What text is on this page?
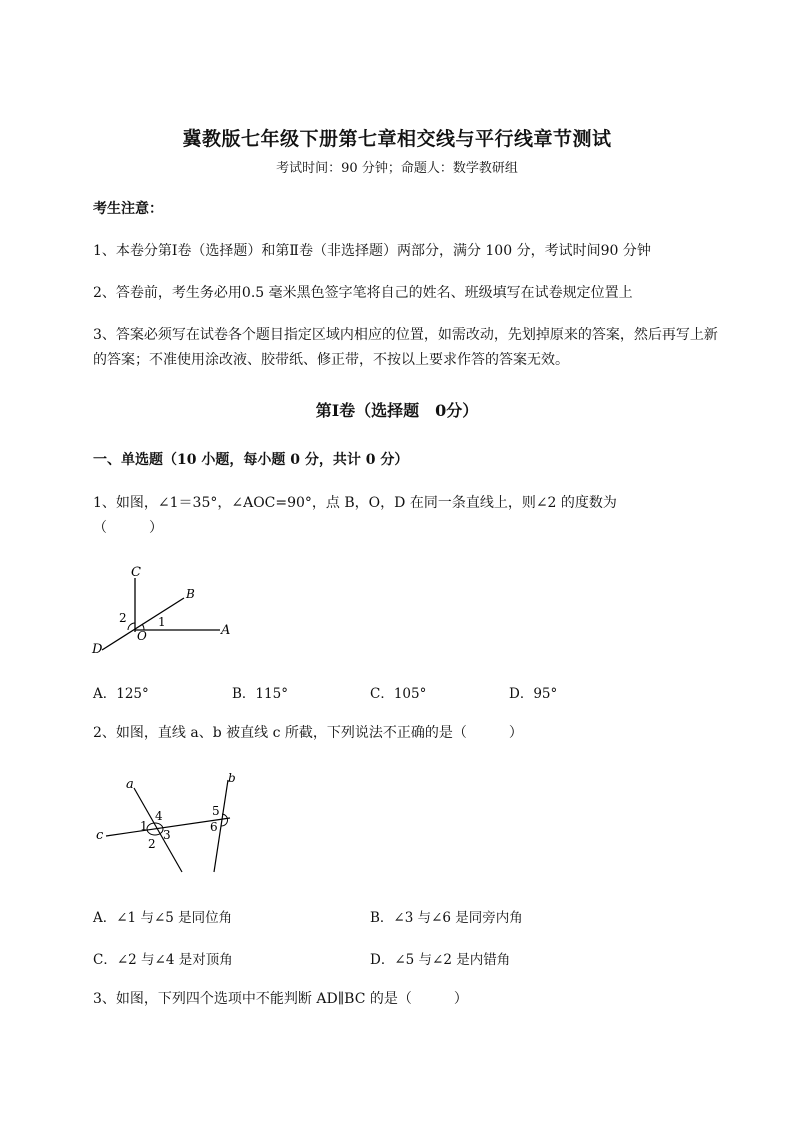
冀教版七年级下册第七章相交线与平行线章节测试
考试时间：90 分钟；命题人：数学教研组
考生注意：
1、本卷分第Ⅰ卷（选择题）和第Ⅱ卷（非选择题）两部分，满分 100 分，考试时间90 分钟
2、答卷前，考生务必用0.5 毫米黑色签字笔将自己的姓名、班级填写在试卷规定位置上
3、答案必须写在试卷各个题目指定区域内相应的位置，如需改动，先划掉原来的答案，然后再写上新
的答案；不准使用涂改液、胶带纸、修正带，不按以上要求作答的答案无效。
第Ⅰ卷（选择题　0分）
一、单选题（10 小题，每小题 0 分，共计 0 分）
1、如图，∠1＝35°，∠AOC=90°，点 B，O，D 在同一条直线上，则∠2 的度数为
（　　　）
C
B
2	1
O	A
D
A．125°	B．115°	C．105°	D．95°
2、如图，直线 a、b 被直线 c 所截，下列说法不正确的是（　　　）
a	b
c
1
2
3
4	5
6
A．∠1 与∠5 是同位角	B．∠3 与∠6 是同旁内角
C．∠2 与∠4 是对顶角	D．∠5 与∠2 是内错角
3、如图，下列四个选项中不能判断 AD∥BC 的是（　　　）
